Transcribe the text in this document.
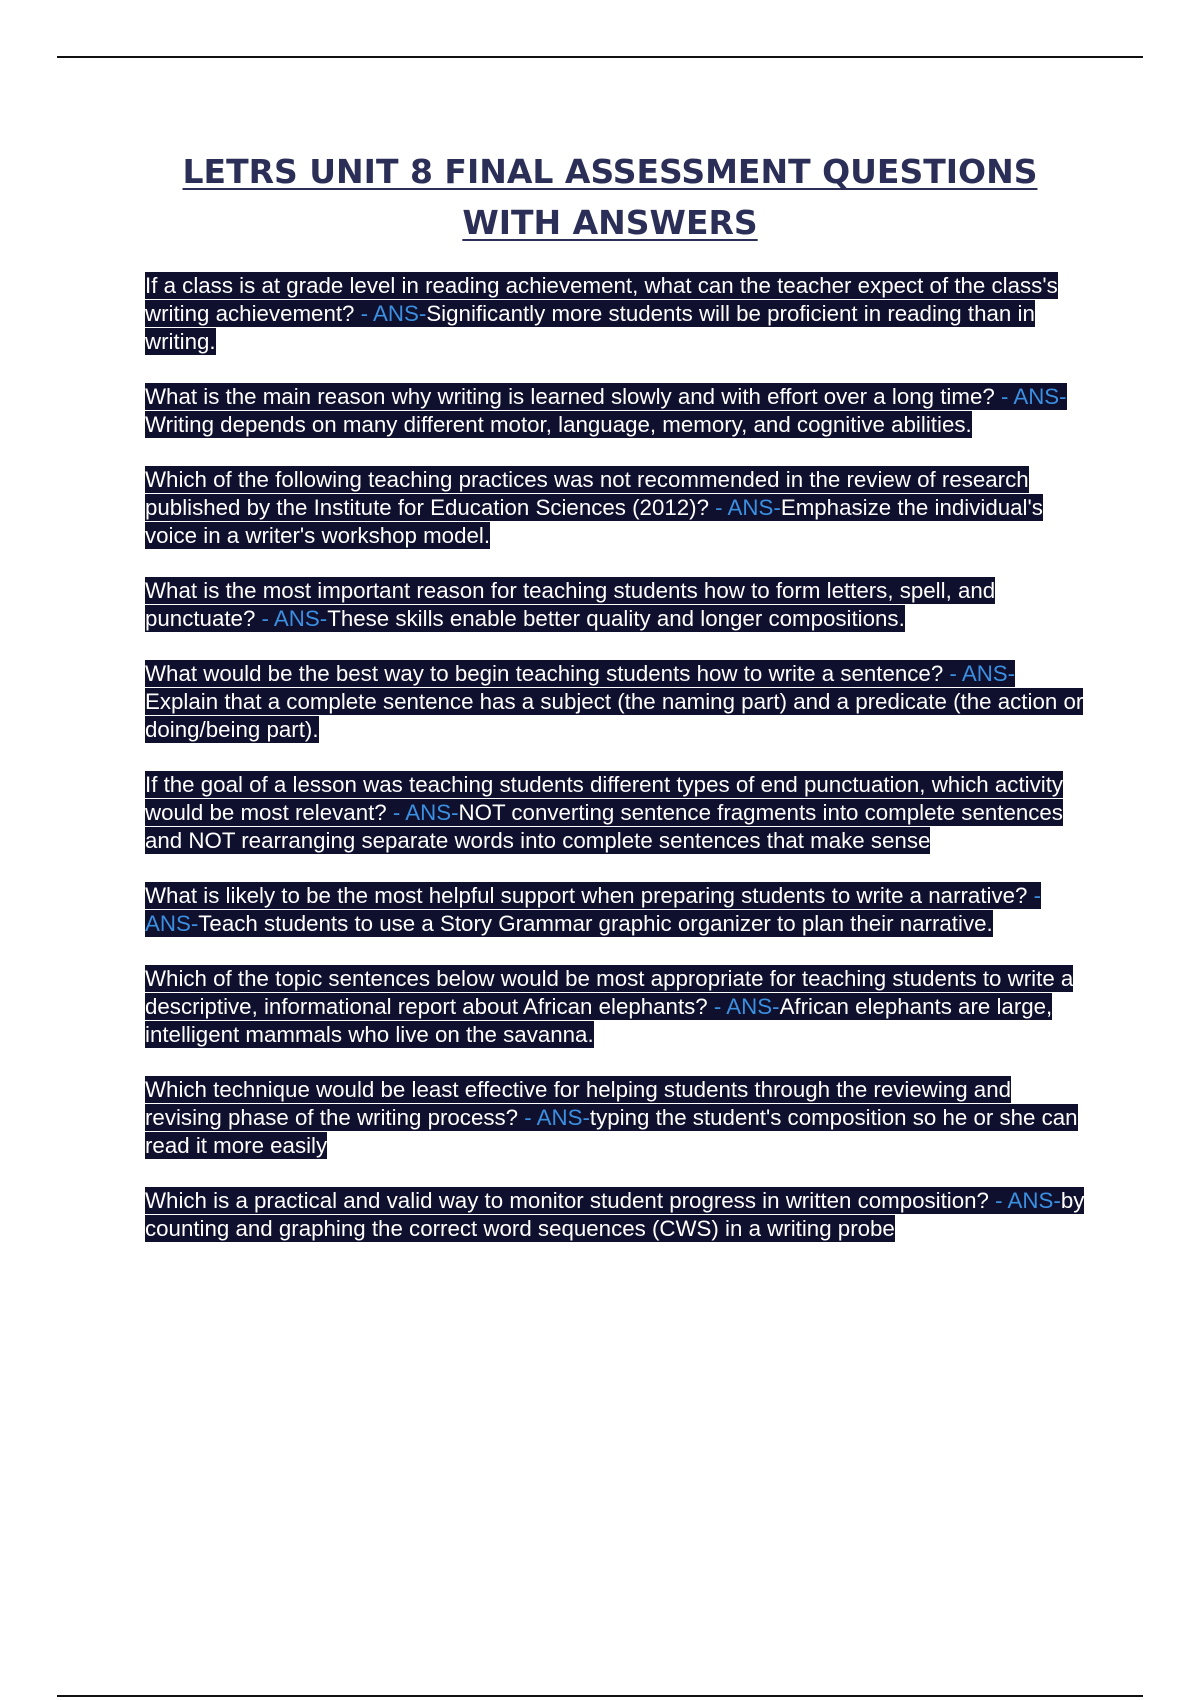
LETRS UNIT 8 FINAL ASSESSMENT QUESTIONS WITH ANSWERS

If a class is at grade level in reading achievement, what can the teacher expect of the class's writing achievement? - ANS-Significantly more students will be proficient in reading than in writing.

What is the main reason why writing is learned slowly and with effort over a long time? - ANS-Writing depends on many different motor, language, memory, and cognitive abilities.

Which of the following teaching practices was not recommended in the review of research published by the Institute for Education Sciences (2012)? - ANS-Emphasize the individual's voice in a writer's workshop model.

What is the most important reason for teaching students how to form letters, spell, and punctuate? - ANS-These skills enable better quality and longer compositions.

What would be the best way to begin teaching students how to write a sentence? - ANS-Explain that a complete sentence has a subject (the naming part) and a predicate (the action or doing/being part).

If the goal of a lesson was teaching students different types of end punctuation, which activity would be most relevant? - ANS-NOT converting sentence fragments into complete sentences and NOT rearranging separate words into complete sentences that make sense

What is likely to be the most helpful support when preparing students to write a narrative? - ANS-Teach students to use a Story Grammar graphic organizer to plan their narrative.

Which of the topic sentences below would be most appropriate for teaching students to write a descriptive, informational report about African elephants? - ANS-African elephants are large, intelligent mammals who live on the savanna.

Which technique would be least effective for helping students through the reviewing and revising phase of the writing process? - ANS-typing the student's composition so he or she can read it more easily

Which is a practical and valid way to monitor student progress in written composition? - ANS-by counting and graphing the correct word sequences (CWS) in a writing probe
